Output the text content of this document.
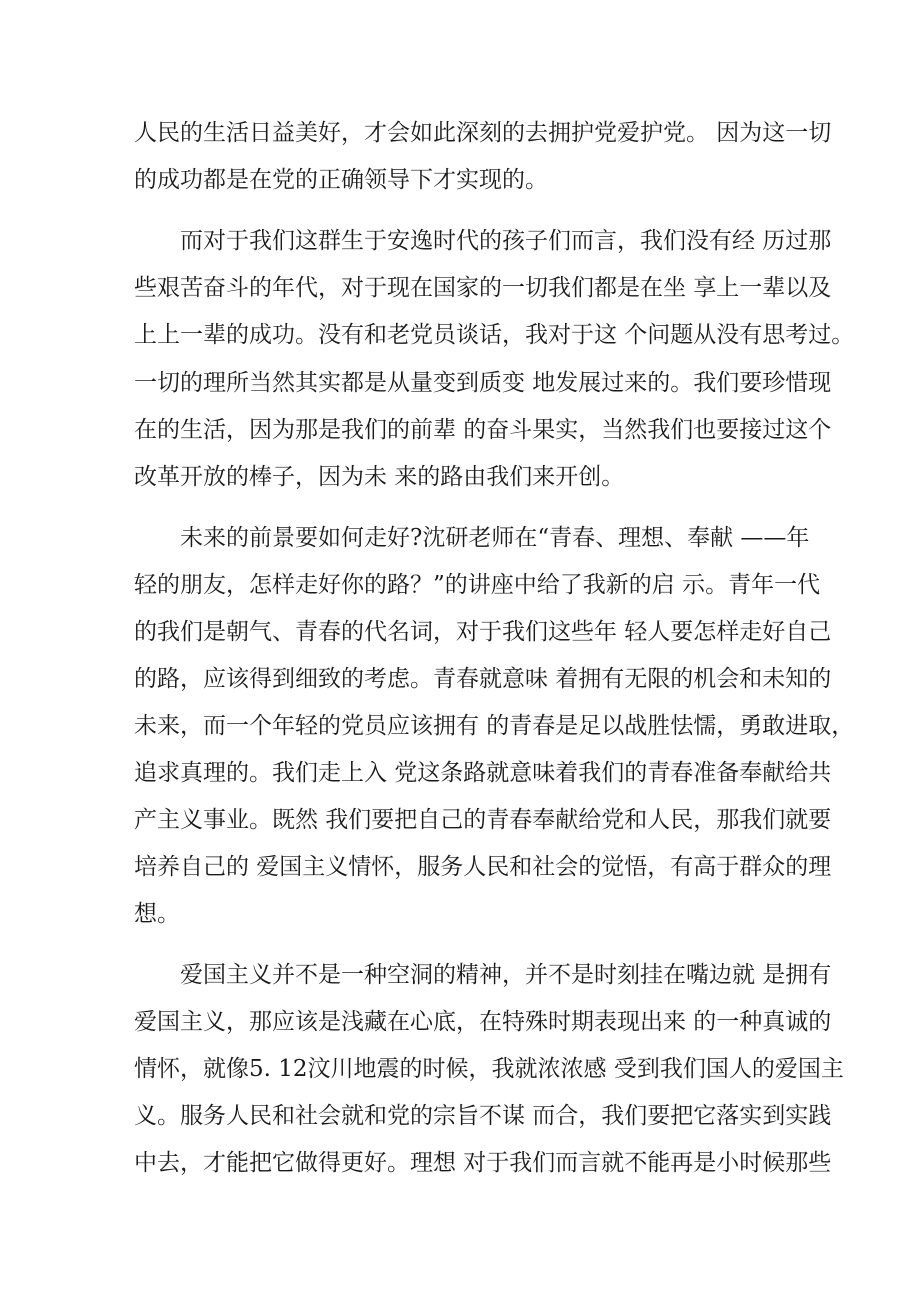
人民的生活日益美好，才会如此深刻的去拥护党爱护党。 因为这一切

的成功都是在党的正确领导下才实现的。

而对于我们这群生于安逸时代的孩子们而言，我们没有经 历过那

些艰苦奋斗的年代，对于现在国家的一切我们都是在坐 享上一辈以及

上上一辈的成功。没有和老党员谈话，我对于这 个问题从没有思考过。

一切的理所当然其实都是从量变到质变 地发展过来的。我们要珍惜现

在的生活，因为那是我们的前辈 的奋斗果实，当然我们也要接过这个

改革开放的棒子，因为未 来的路由我们来开创。

未来的前景要如何走好?沈研老师在“青春、理想、奉献 ——年

轻的朋友，怎样走好你的路？”的讲座中给了我新的启 示。青年一代

的我们是朝气、青春的代名词，对于我们这些年 轻人要怎样走好自己

的路，应该得到细致的考虑。青春就意味 着拥有无限的机会和未知的

未来，而一个年轻的党员应该拥有 的青春是足以战胜怯懦，勇敢进取，

追求真理的。我们走上入 党这条路就意味着我们的青春准备奉献给共

产主义事业。既然 我们要把自己的青春奉献给党和人民，那我们就要

培养自己的 爱国主义情怀，服务人民和社会的觉悟，有高于群众的理

想。

爱国主义并不是一种空洞的精神，并不是时刻挂在嘴边就 是拥有

爱国主义，那应该是浅藏在心底，在特殊时期表现出来 的一种真诚的

情怀，就像5. 12汶川地震的时候，我就浓浓感 受到我们国人的爱国主

义。服务人民和社会就和党的宗旨不谋 而合，我们要把它落实到实践

中去，才能把它做得更好。理想 对于我们而言就不能再是小时候那些
